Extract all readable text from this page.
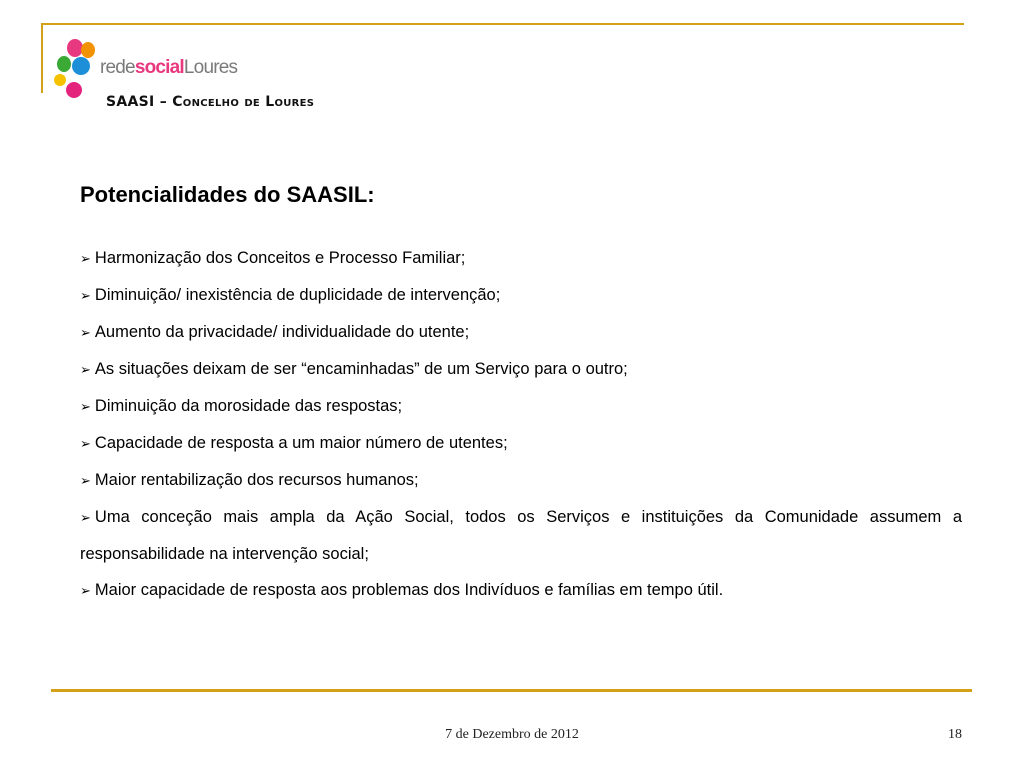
redesocialLoures
SAASI – Concelho de Loures
Potencialidades do SAASIL:

➢ Harmonização dos Conceitos e Processo Familiar;

➢ Diminuição/ inexistência de duplicidade de intervenção;

➢ Aumento da privacidade/ individualidade do utente;

➢ As situações deixam de ser “encaminhadas” de um Serviço para o outro;

➢ Diminuição da morosidade das respostas;

➢ Capacidade de resposta a um maior número de utentes;

➢ Maior rentabilização dos recursos humanos;

➢ Uma conceção mais ampla da Ação Social, todos os Serviços e instituições da Comunidade assumem a responsabilidade na intervenção social;

➢ Maior capacidade de resposta aos problemas dos Indivíduos e famílias em tempo útil.

7 de Dezembro de 2012	18
